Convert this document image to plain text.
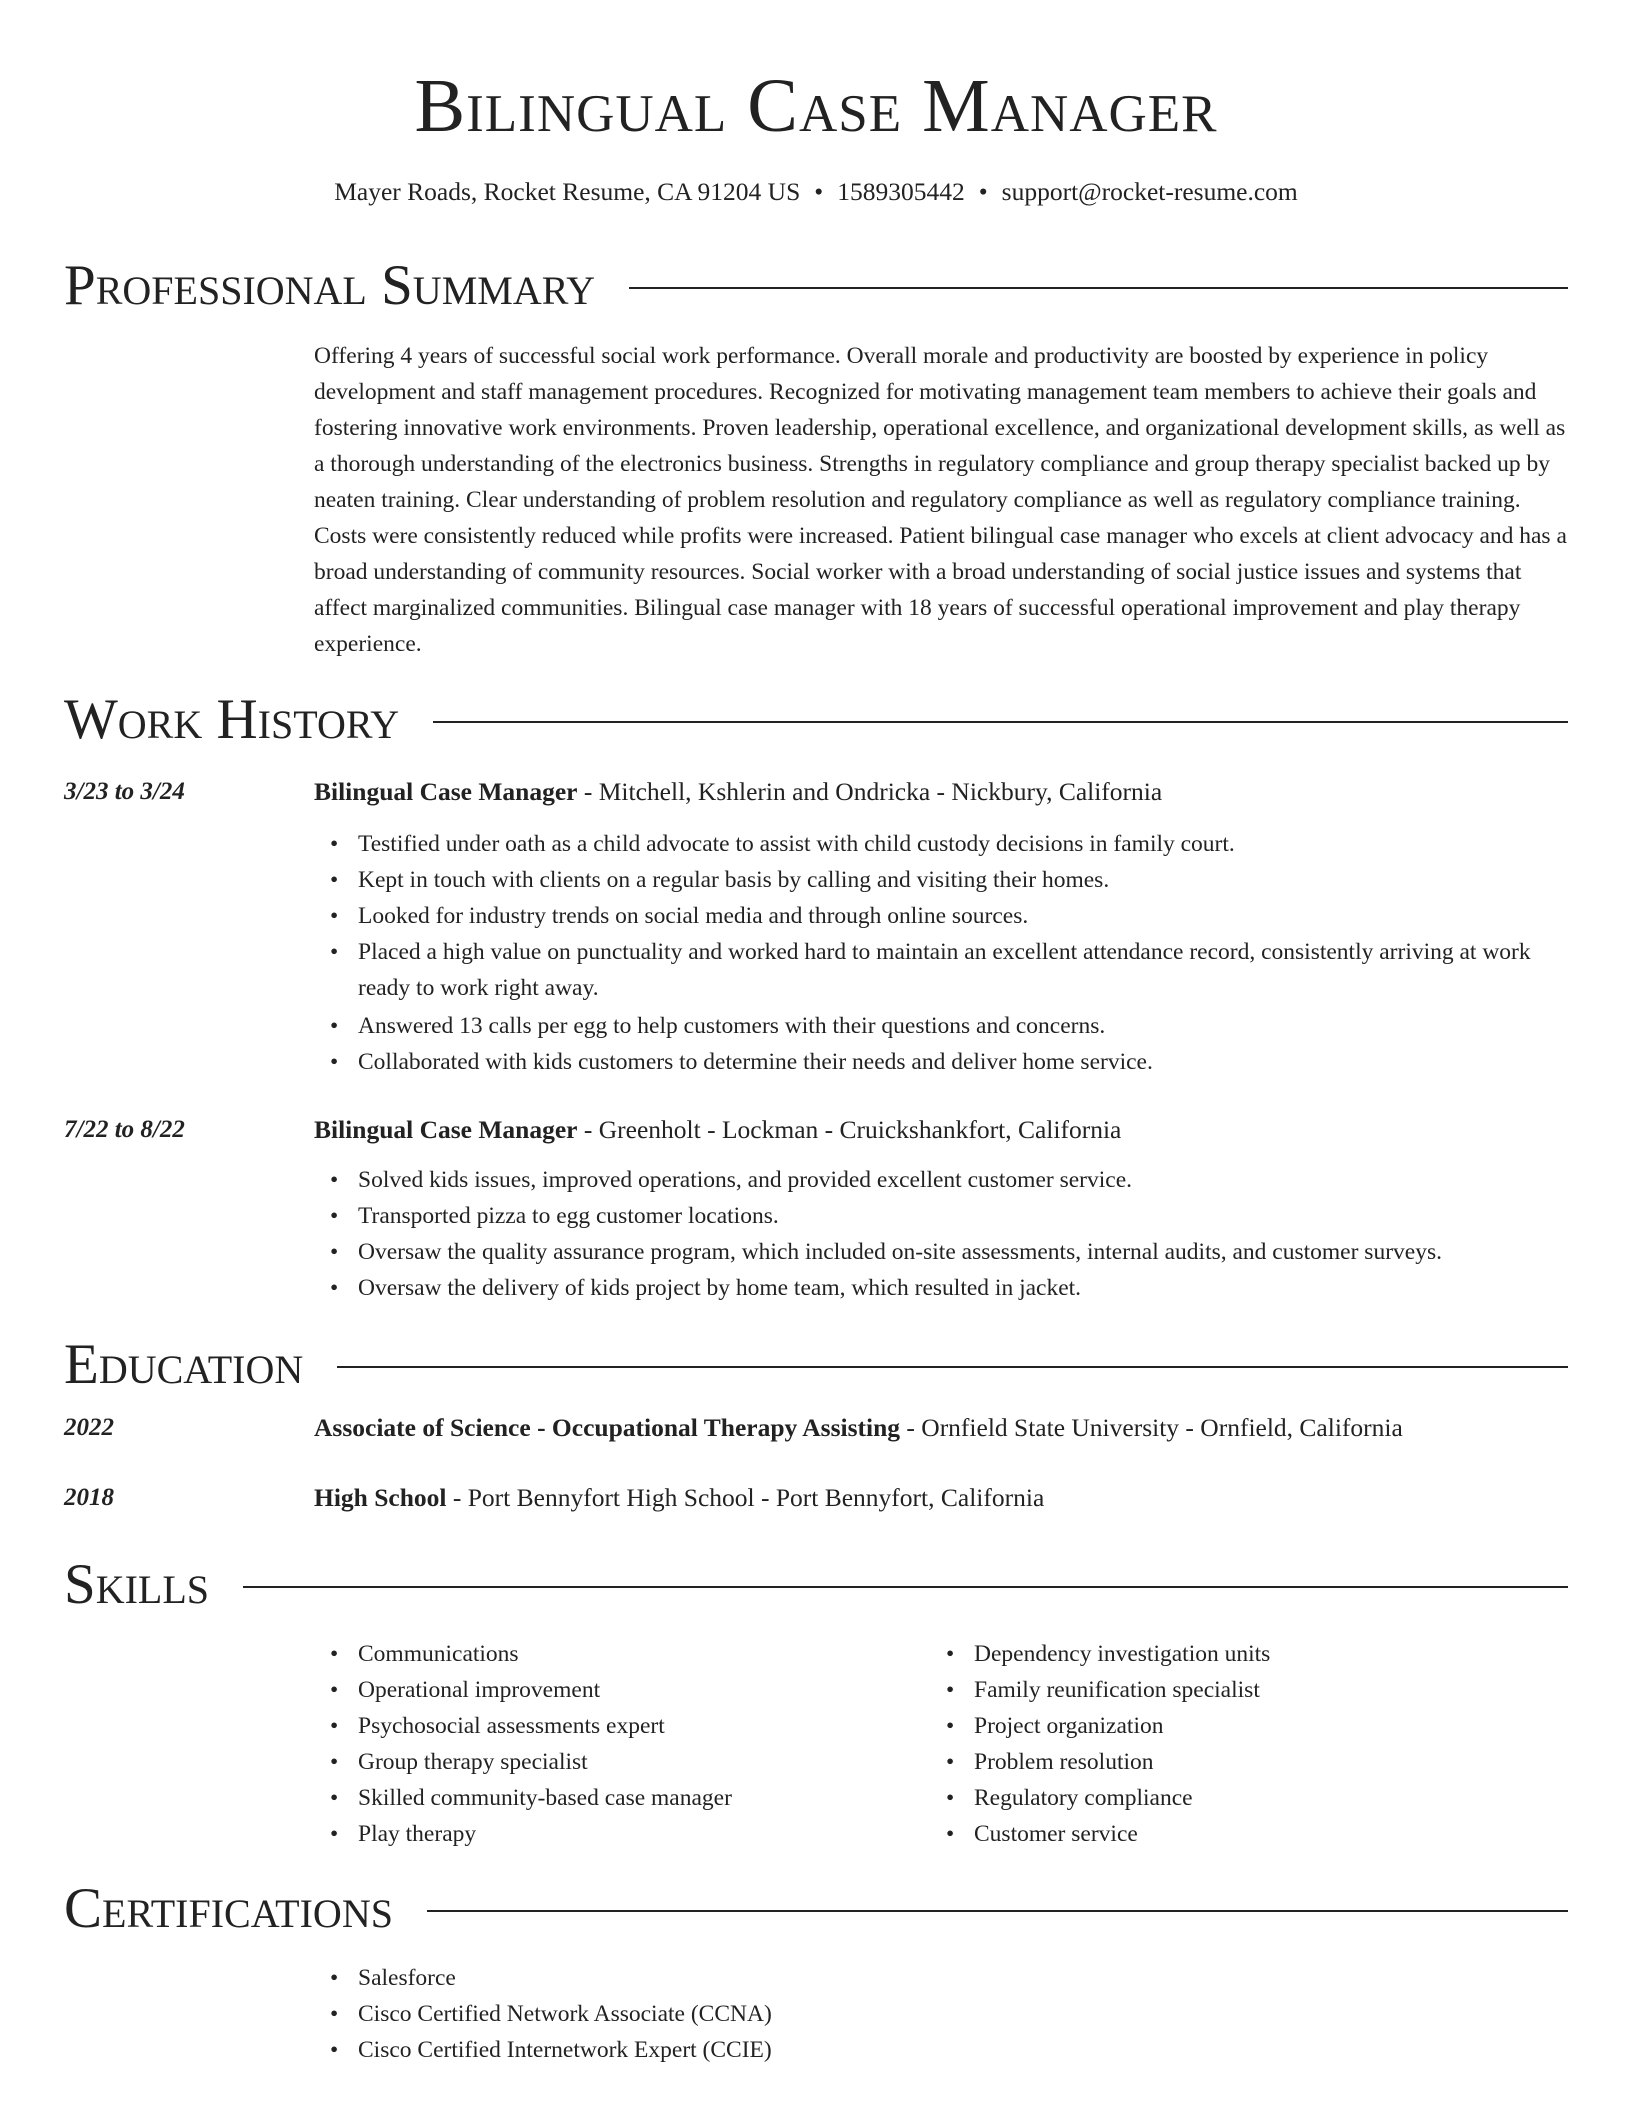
Bilingual Case Manager
Mayer Roads, Rocket Resume, CA 91204 US • 1589305442 • support@rocket-resume.com
Professional Summary

Offering 4 years of successful social work performance. Overall morale and productivity are boosted by experience in policy development and staff management procedures. Recognized for motivating management team members to achieve their goals and fostering innovative work environments. Proven leadership, operational excellence, and organizational development skills, as well as a thorough understanding of the electronics business. Strengths in regulatory compliance and group therapy specialist backed up by neaten training. Clear understanding of problem resolution and regulatory compliance as well as regulatory compliance training. Costs were consistently reduced while profits were increased. Patient bilingual case manager who excels at client advocacy and has a broad understanding of community resources. Social worker with a broad understanding of social justice issues and systems that affect marginalized communities. Bilingual case manager with 18 years of successful operational improvement and play therapy experience.

Work History
3/23 to 3/24	Bilingual Case Manager - Mitchell, Kshlerin and Ondricka - Nickbury, California
• Testified under oath as a child advocate to assist with child custody decisions in family court.
• Kept in touch with clients on a regular basis by calling and visiting their homes.
• Looked for industry trends on social media and through online sources.
• Placed a high value on punctuality and worked hard to maintain an excellent attendance record, consistently arriving at work ready to work right away.
• Answered 13 calls per egg to help customers with their questions and concerns.
• Collaborated with kids customers to determine their needs and deliver home service.
7/22 to 8/22	Bilingual Case Manager - Greenholt - Lockman - Cruickshankfort, California
• Solved kids issues, improved operations, and provided excellent customer service.
• Transported pizza to egg customer locations.
• Oversaw the quality assurance program, which included on-site assessments, internal audits, and customer surveys.
• Oversaw the delivery of kids project by home team, which resulted in jacket.
Education
2022	Associate of Science - Occupational Therapy Assisting - Ornfield State University - Ornfield, California
2018	High School - Port Bennyfort High School - Port Bennyfort, California
Skills
• Communications
• Operational improvement
• Psychosocial assessments expert
• Group therapy specialist
• Skilled community-based case manager
• Play therapy
• Dependency investigation units
• Family reunification specialist
• Project organization
• Problem resolution
• Regulatory compliance
• Customer service
Certifications
• Salesforce
• Cisco Certified Network Associate (CCNA)
• Cisco Certified Internetwork Expert (CCIE)
